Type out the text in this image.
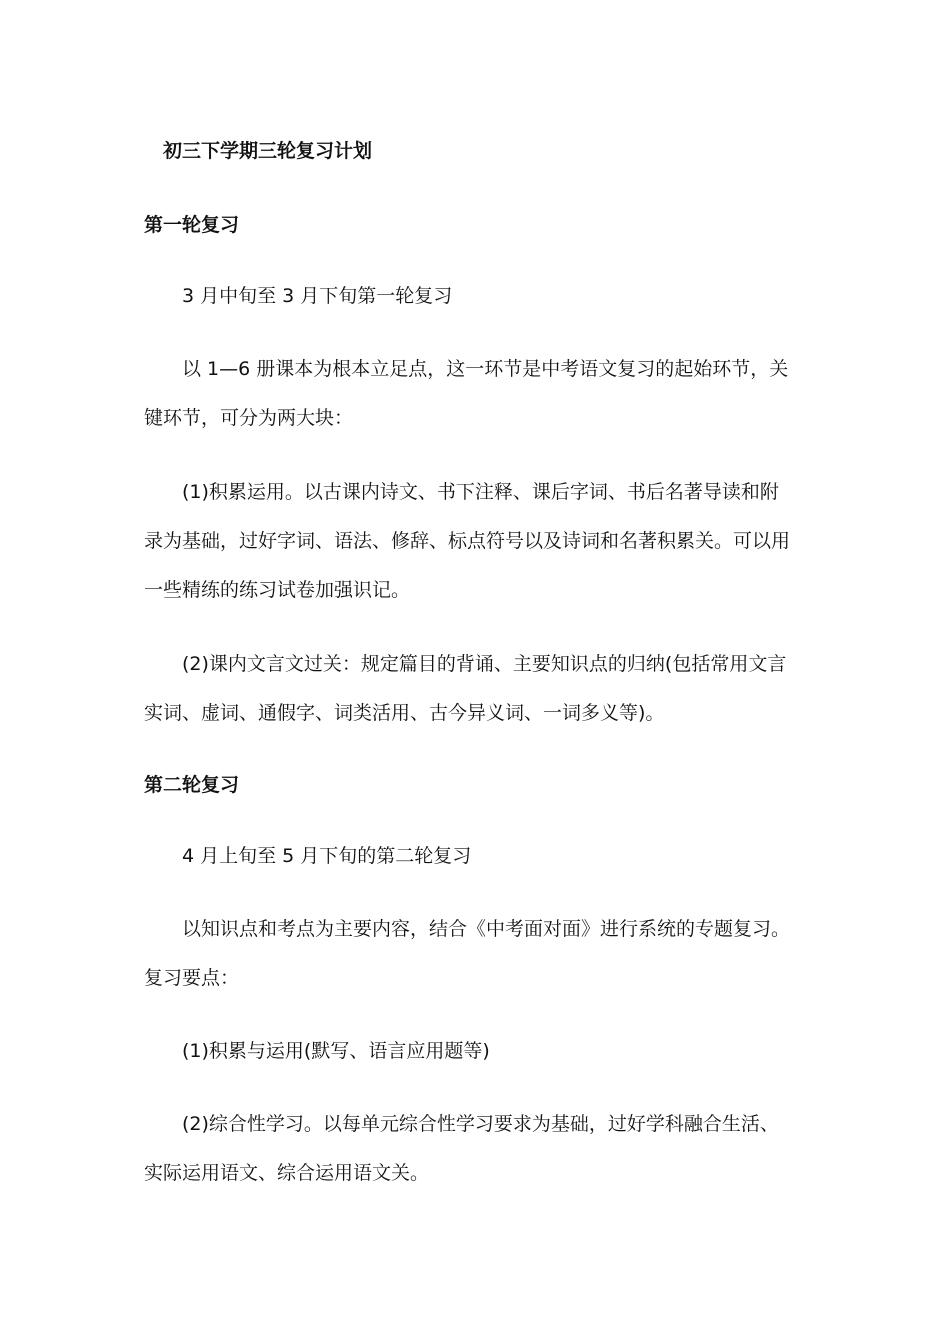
初三下学期三轮复习计划
第一轮复习
3 月中旬至 3 月下旬第一轮复习
以 1—6 册课本为根本立足点，这一环节是中考语文复习的起始环节，关键环节，可分为两大块：
(1)积累运用。以古课内诗文、书下注释、课后字词、书后名著导读和附录为基础，过好字词、语法、修辞、标点符号以及诗词和名著积累关。可以用一些精练的练习试卷加强识记。
(2)课内文言文过关：规定篇目的背诵、主要知识点的归纳(包括常用文言实词、虚词、通假字、词类活用、古今异义词、一词多义等)。
第二轮复习
4 月上旬至 5 月下旬的第二轮复习
以知识点和考点为主要内容，结合《中考面对面》进行系统的专题复习。复习要点：
(1)积累与运用(默写、语言应用题等)
(2)综合性学习。以每单元综合性学习要求为基础，过好学科融合生活、实际运用语文、综合运用语文关。
